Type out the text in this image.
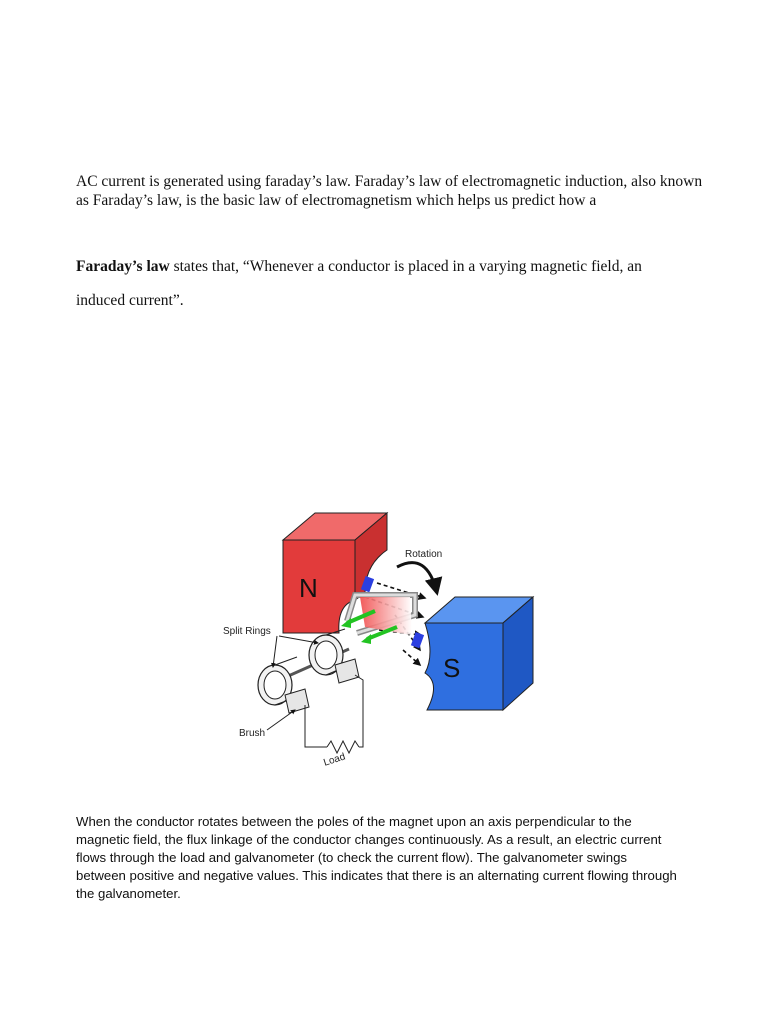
AC current is generated using faraday’s law. Faraday’s law of electromagnetic induction, also known
as Faraday’s law, is the basic law of electromagnetism which helps us predict how a
Faraday’s law states that, “Whenever a conductor is placed in a varying magnetic field, an
induced current”.
N
S
Rotation
Split Rings
Brush
Load
When the conductor rotates between the poles of the magnet upon an axis perpendicular to the
magnetic field, the flux linkage of the conductor changes continuously. As a result, an electric current
flows through the load and galvanometer (to check the current flow). The galvanometer swings
between positive and negative values. This indicates that there is an alternating current flowing through
the galvanometer.
